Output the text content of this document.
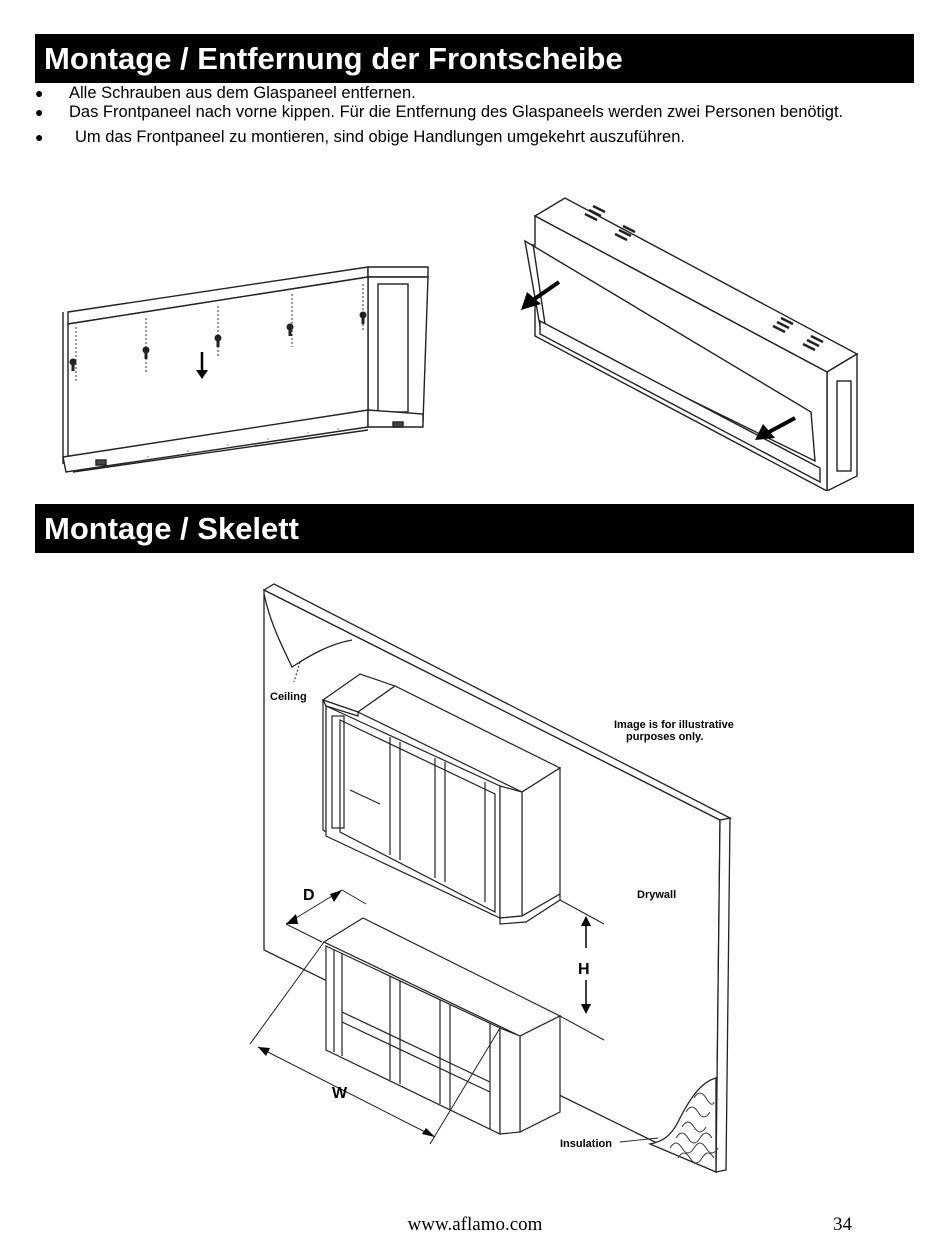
Montage / Entfernung der Frontscheibe
● Alle Schrauben aus dem Glaspaneel entfernen.
● Das Frontpaneel nach vorne kippen. Für die Entfernung des Glaspaneels werden zwei Personen benötigt.
● Um das Frontpaneel zu montieren, sind obige Handlungen umgekehrt auszuführen.
Montage / Skelett
Ceiling
Image is for illustrative
purposes only.
Drywall
D
H
W
Insulation
www.aflamo.com	34
